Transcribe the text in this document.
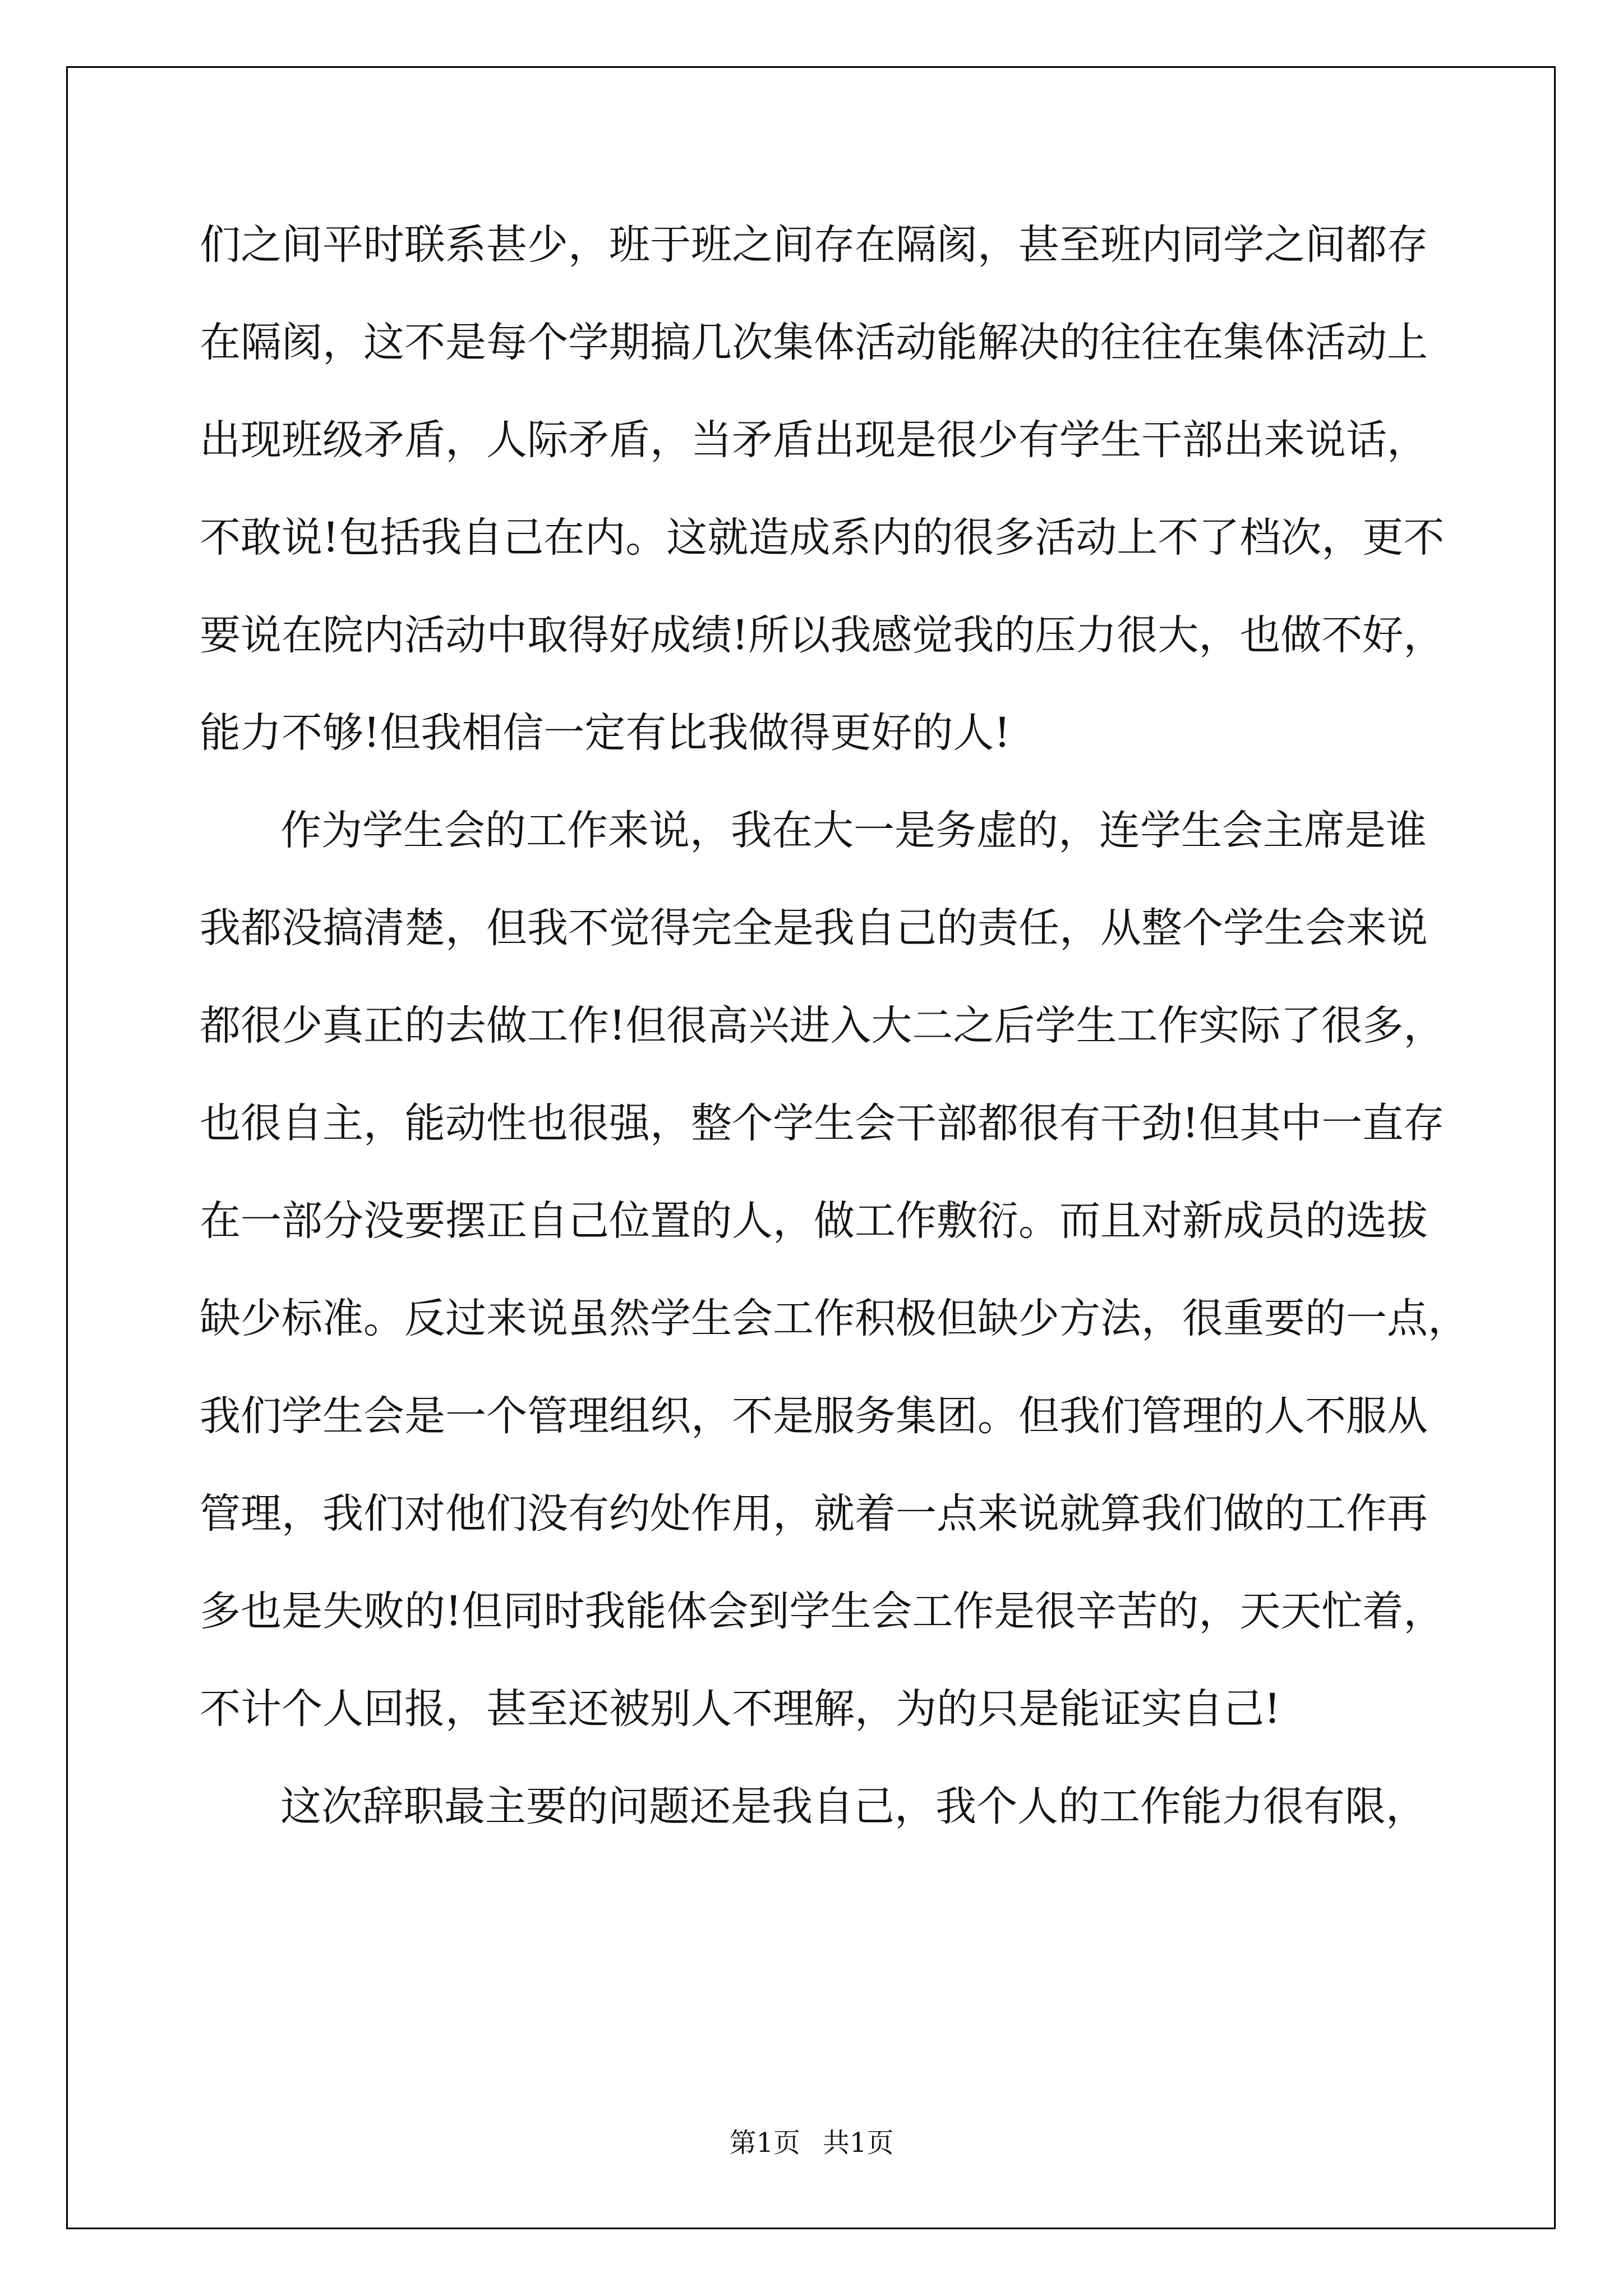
们之间平时联系甚少，班于班之间存在隔阂，甚至班内同学之间都存

在隔阂，这不是每个学期搞几次集体活动能解决的往往在集体活动上

出现班级矛盾，人际矛盾，当矛盾出现是很少有学生干部出来说话，

不敢说!包括我自己在内。这就造成系内的很多活动上不了档次，更不

要说在院内活动中取得好成绩!所以我感觉我的压力很大，也做不好，

能力不够!但我相信一定有比我做得更好的人!

作为学生会的工作来说，我在大一是务虚的，连学生会主席是谁

我都没搞清楚，但我不觉得完全是我自己的责任，从整个学生会来说

都很少真正的去做工作!但很高兴进入大二之后学生工作实际了很多，

也很自主，能动性也很强，整个学生会干部都很有干劲!但其中一直存

在一部分没要摆正自己位置的人，做工作敷衍。而且对新成员的选拔

缺少标准。反过来说虽然学生会工作积极但缺少方法，很重要的一点，

我们学生会是一个管理组织，不是服务集团。但我们管理的人不服从

管理，我们对他们没有约处作用，就着一点来说就算我们做的工作再

多也是失败的!但同时我能体会到学生会工作是很辛苦的，天天忙着，

不计个人回报，甚至还被别人不理解，为的只是能证实自己!

这次辞职最主要的问题还是我自己，我个人的工作能力很有限，

第1页 共1页
